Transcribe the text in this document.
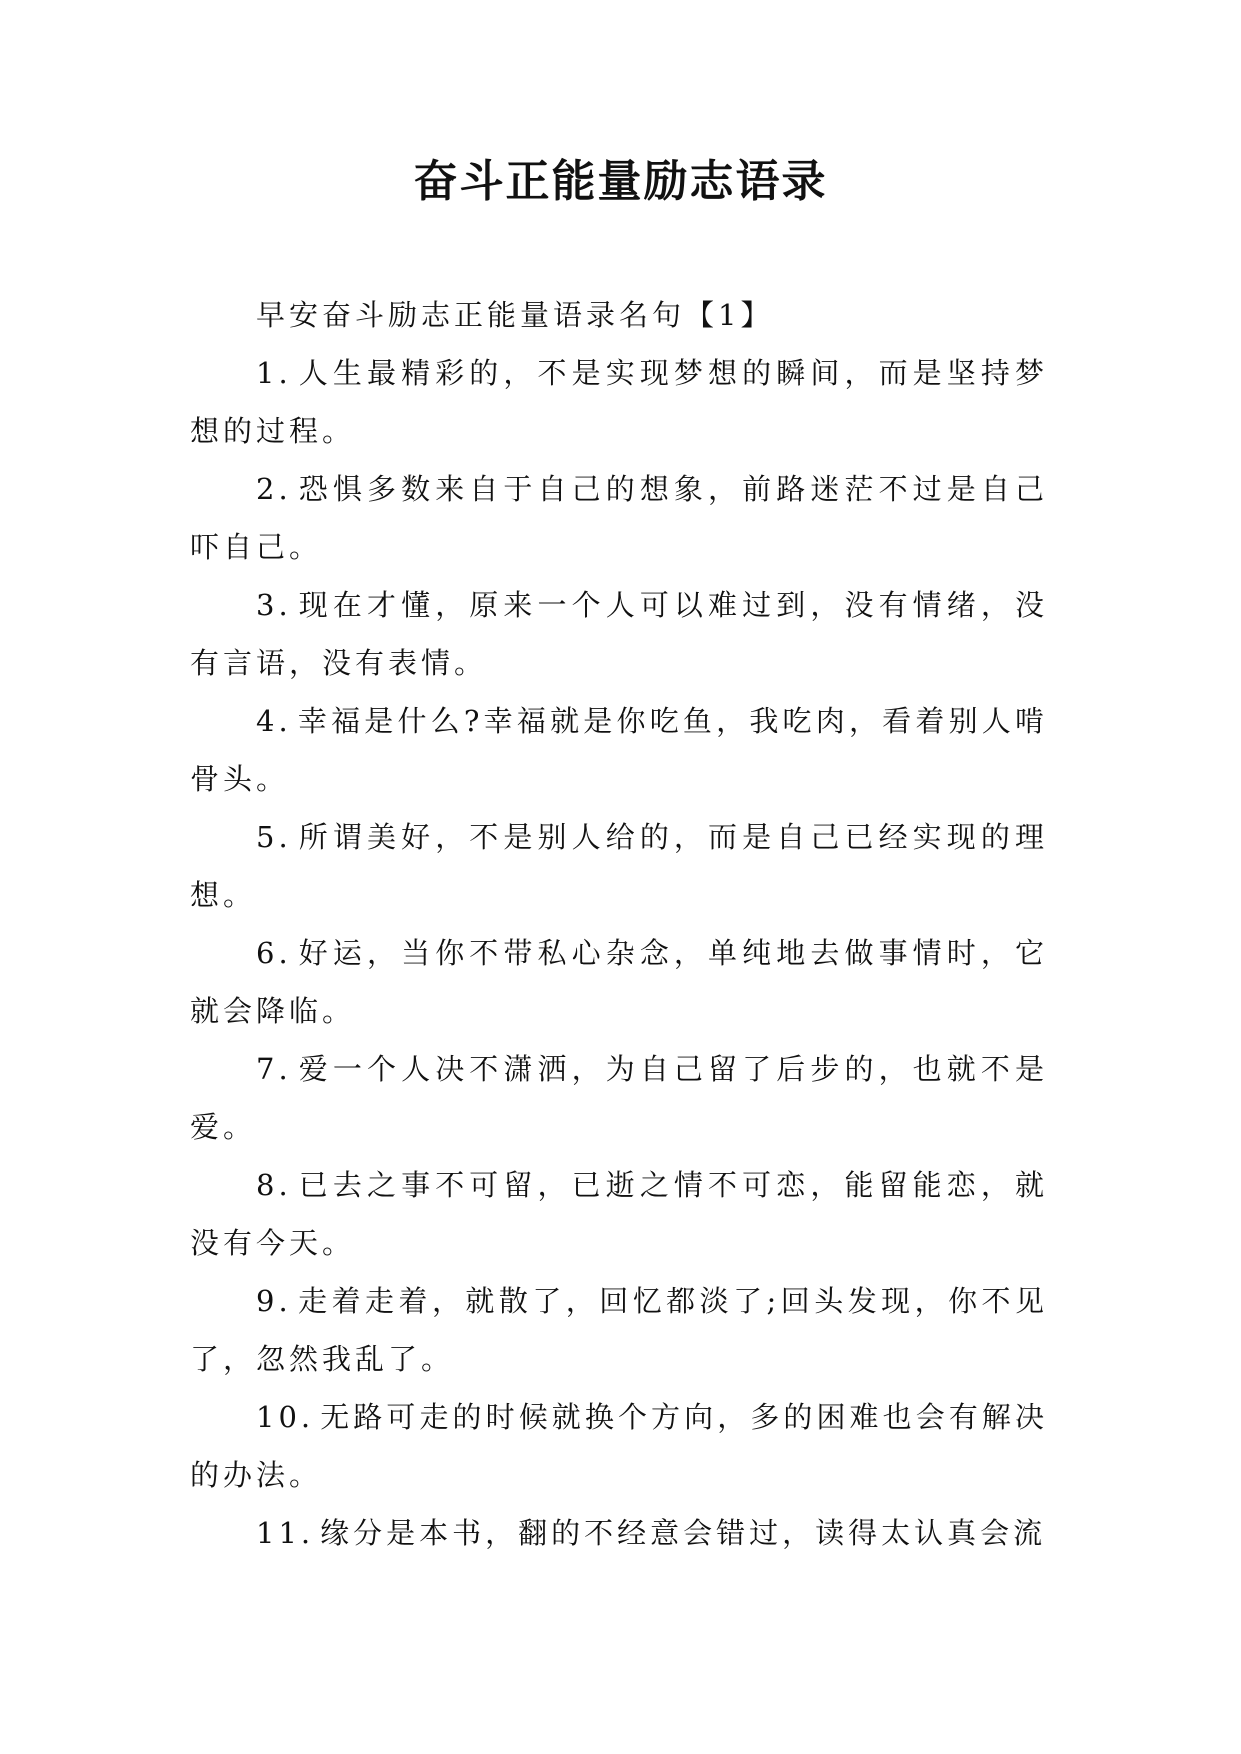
奋斗正能量励志语录

早安奋斗励志正能量语录名句【1】

1. 人生最精彩的，不是实现梦想的瞬间，而是坚持梦想的过程。

2. 恐惧多数来自于自己的想象，前路迷茫不过是自己吓自己。

3. 现在才懂，原来一个人可以难过到，没有情绪，没有言语，没有表情。

4. 幸福是什么?幸福就是你吃鱼，我吃肉，看着别人啃骨头。

5. 所谓美好，不是别人给的，而是自己已经实现的理想。

6. 好运，当你不带私心杂念，单纯地去做事情时，它就会降临。

7. 爱一个人决不潇洒，为自己留了后步的，也就不是爱。

8. 已去之事不可留，已逝之情不可恋，能留能恋，就没有今天。

9. 走着走着，就散了，回忆都淡了;回头发现，你不见了，忽然我乱了。

10. 无路可走的时候就换个方向，多的困难也会有解决的办法。

11. 缘分是本书，翻的不经意会错过，读得太认真会流
